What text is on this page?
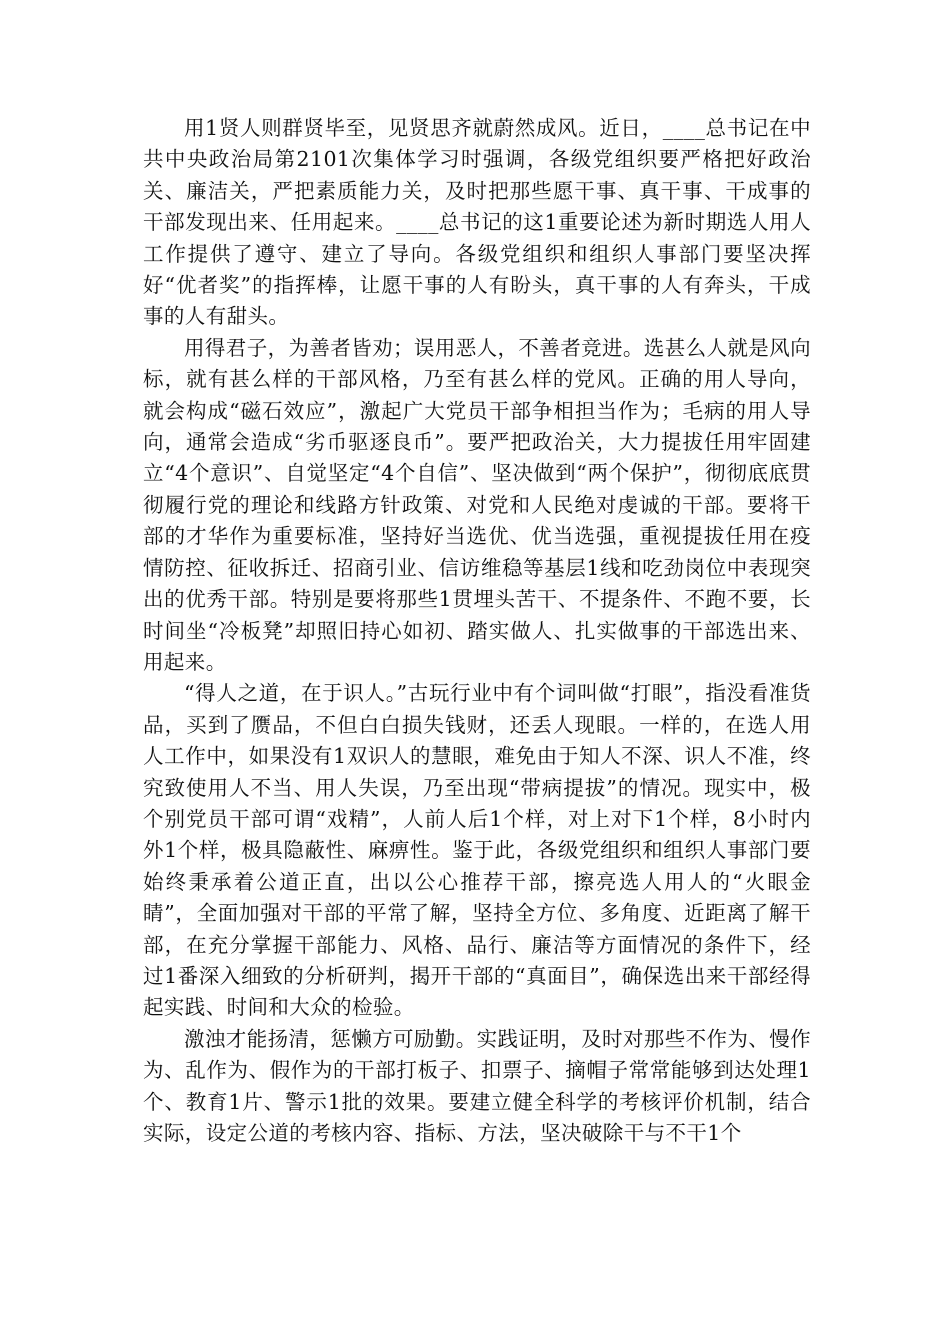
用1贤人则群贤毕至，见贤思齐就蔚然成风。近日，____总书记在中共中央政治局第2101次集体学习时强调，各级党组织要严格把好政治关、廉洁关，严把素质能力关，及时把那些愿干事、真干事、干成事的干部发现出来、任用起来。____总书记的这1重要论述为新时期选人用人工作提供了遵守、建立了导向。各级党组织和组织人事部门要坚决挥好“优者奖”的指挥棒，让愿干事的人有盼头，真干事的人有奔头，干成事的人有甜头。

用得君子，为善者皆劝；误用恶人，不善者竞进。选甚么人就是风向标，就有甚么样的干部风格，乃至有甚么样的党风。正确的用人导向，就会构成“磁石效应”，激起广大党员干部争相担当作为；毛病的用人导向，通常会造成“劣币驱逐良币”。要严把政治关，大力提拔任用牢固建立“4个意识”、自觉坚定“4个自信”、坚决做到“两个保护”，彻彻底底贯彻履行党的理论和线路方针政策、对党和人民绝对虔诚的干部。要将干部的才华作为重要标准，坚持好当选优、优当选强，重视提拔任用在疫情防控、征收拆迁、招商引业、信访维稳等基层1线和吃劲岗位中表现突出的优秀干部。特别是要将那些1贯埋头苦干、不提条件、不跑不要，长时间坐“冷板凳”却照旧持心如初、踏实做人、扎实做事的干部选出来、用起来。

“得人之道，在于识人。”古玩行业中有个词叫做“打眼”，指没看准货品，买到了赝品，不但白白损失钱财，还丢人现眼。一样的，在选人用人工作中，如果没有1双识人的慧眼，难免由于知人不深、识人不准，终究致使用人不当、用人失误，乃至出现“带病提拔”的情况。现实中，极个别党员干部可谓“戏精”，人前人后1个样，对上对下1个样，8小时内外1个样，极具隐蔽性、麻痹性。鉴于此，各级党组织和组织人事部门要始终秉承着公道正直，出以公心推荐干部，擦亮选人用人的“火眼金睛”，全面加强对干部的平常了解，坚持全方位、多角度、近距离了解干部，在充分掌握干部能力、风格、品行、廉洁等方面情况的条件下，经过1番深入细致的分析研判，揭开干部的“真面目”，确保选出来干部经得起实践、时间和大众的检验。

激浊才能扬清，惩懒方可励勤。实践证明，及时对那些不作为、慢作为、乱作为、假作为的干部打板子、扣票子、摘帽子常常能够到达处理1个、教育1片、警示1批的效果。要建立健全科学的考核评价机制，结合实际，设定公道的考核内容、指标、方法，坚决破除干与不干1个
